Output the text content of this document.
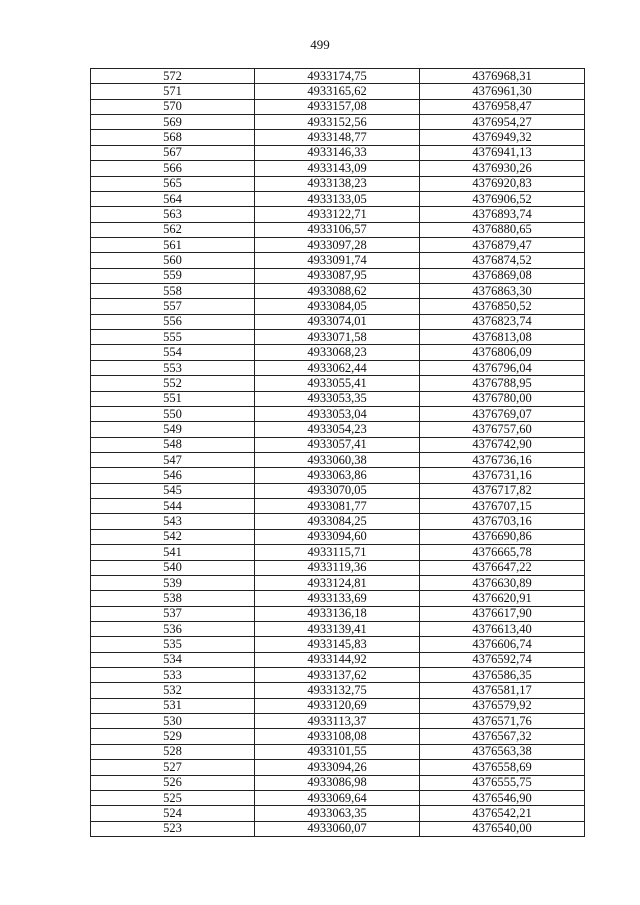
499
572	4933174,75	4376968,31
571	4933165,62	4376961,30
570	4933157,08	4376958,47
569	4933152,56	4376954,27
568	4933148,77	4376949,32
567	4933146,33	4376941,13
566	4933143,09	4376930,26
565	4933138,23	4376920,83
564	4933133,05	4376906,52
563	4933122,71	4376893,74
562	4933106,57	4376880,65
561	4933097,28	4376879,47
560	4933091,74	4376874,52
559	4933087,95	4376869,08
558	4933088,62	4376863,30
557	4933084,05	4376850,52
556	4933074,01	4376823,74
555	4933071,58	4376813,08
554	4933068,23	4376806,09
553	4933062,44	4376796,04
552	4933055,41	4376788,95
551	4933053,35	4376780,00
550	4933053,04	4376769,07
549	4933054,23	4376757,60
548	4933057,41	4376742,90
547	4933060,38	4376736,16
546	4933063,86	4376731,16
545	4933070,05	4376717,82
544	4933081,77	4376707,15
543	4933084,25	4376703,16
542	4933094,60	4376690,86
541	4933115,71	4376665,78
540	4933119,36	4376647,22
539	4933124,81	4376630,89
538	4933133,69	4376620,91
537	4933136,18	4376617,90
536	4933139,41	4376613,40
535	4933145,83	4376606,74
534	4933144,92	4376592,74
533	4933137,62	4376586,35
532	4933132,75	4376581,17
531	4933120,69	4376579,92
530	4933113,37	4376571,76
529	4933108,08	4376567,32
528	4933101,55	4376563,38
527	4933094,26	4376558,69
526	4933086,98	4376555,75
525	4933069,64	4376546,90
524	4933063,35	4376542,21
523	4933060,07	4376540,00
